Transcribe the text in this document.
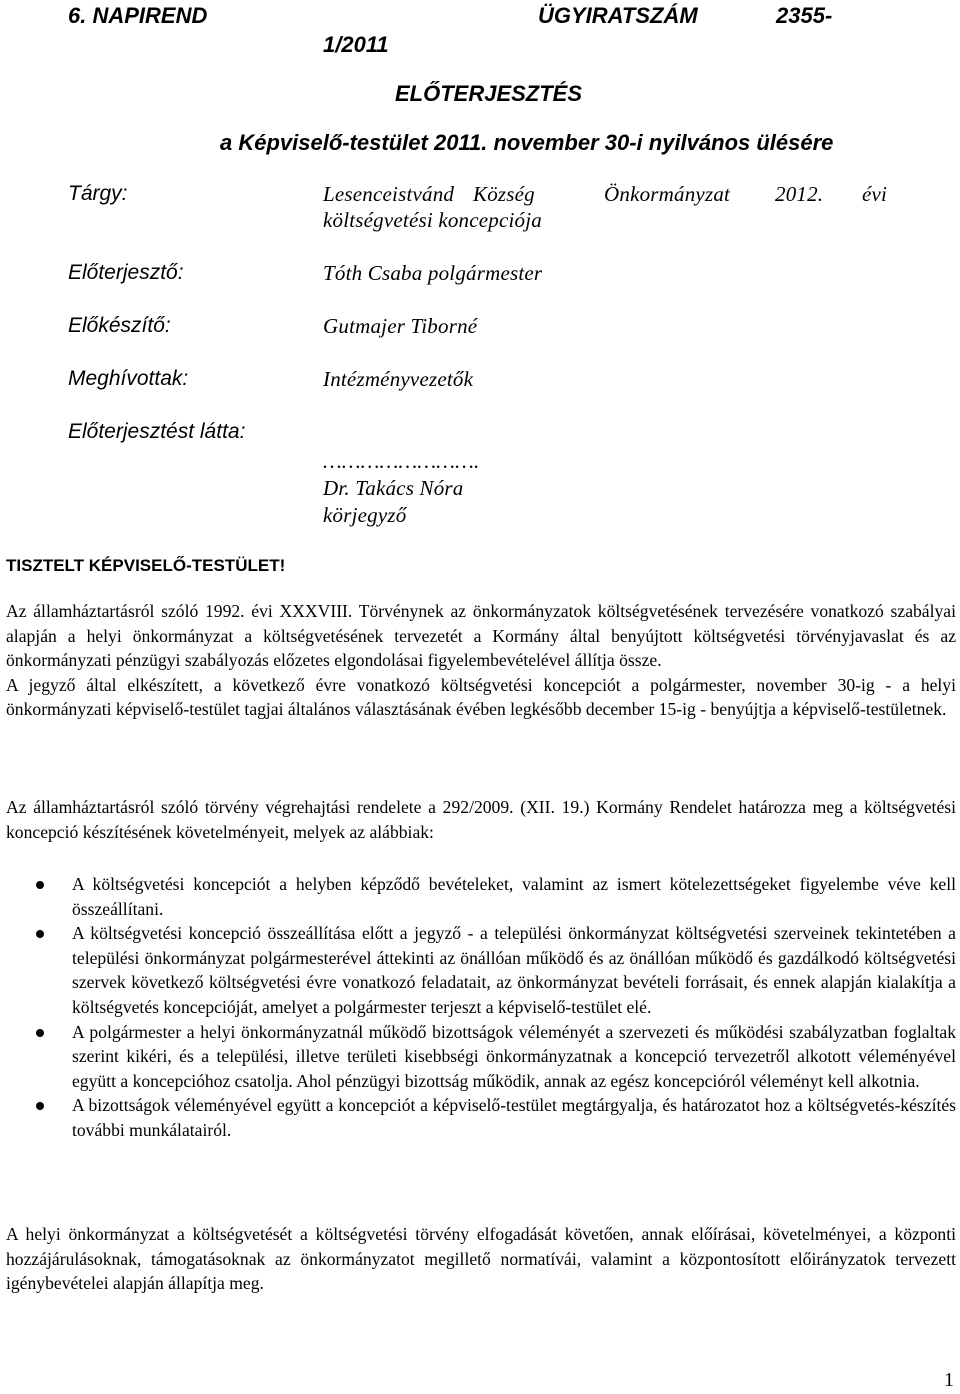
6. NAPIREND	ÜGYIRATSZÁM	2355-
1/2011
ELŐTERJESZTÉS
a Képviselő-testület 2011. november 30-i nyilvános ülésére
Tárgy:	Lesenceistvánd Község	Önkormányzat 2012. évi
költségvetési koncepciója
Előterjesztő:	Tóth Csaba polgármester
Előkészítő:	Gutmajer Tiborné
Meghívottak:	Intézményvezetők
Előterjesztést látta:
…………………….
Dr. Takács Nóra
körjegyző
TISZTELT KÉPVISELŐ-TESTÜLET!

Az államháztartásról szóló 1992. évi XXXVIII. Törvénynek az önkormányzatok költségvetésének tervezésére vonatkozó szabályai alapján a helyi önkormányzat a költségvetésének tervezetét a Kormány által benyújtott költségvetési törvényjavaslat és az önkormányzati pénzügyi szabályozás előzetes elgondolásai figyelembevételével állítja össze.

A jegyző által elkészített, a következő évre vonatkozó költségvetési koncepciót a polgármester, november 30-ig - a helyi önkormányzati képviselő-testület tagjai általános választásának évében legkésőbb december 15-ig - benyújtja a képviselő-testületnek.

Az államháztartásról szóló törvény végrehajtási rendelete a 292/2009. (XII. 19.) Kormány Rendelet határozza meg a költségvetési koncepció készítésének követelményeit, melyek az alábbiak:

A költségvetési koncepciót a helyben képződő bevételeket, valamint az ismert kötelezettségeket figyelembe véve kell összeállítani.
A költségvetési koncepció összeállítása előtt a jegyző - a települési önkormányzat költségvetési szerveinek tekintetében a települési önkormányzat polgármesterével áttekinti az önállóan működő és az önállóan működő és gazdálkodó költségvetési szervek következő költségvetési évre vonatkozó feladatait, az önkormányzat bevételi forrásait, és ennek alapján kialakítja a költségvetés koncepcióját, amelyet a polgármester terjeszt a képviselő-testület elé.
A polgármester a helyi önkormányzatnál működő bizottságok véleményét a szervezeti és működési szabályzatban foglaltak szerint kikéri, és a települési, illetve területi kisebbségi önkormányzatnak a koncepció tervezetről alkotott véleményével együtt a koncepcióhoz csatolja. Ahol pénzügyi bizottság működik, annak az egész koncepcióról véleményt kell alkotnia.
A bizottságok véleményével együtt a koncepciót a képviselő-testület megtárgyalja, és határozatot hoz a költségvetés-készítés további munkálatairól.

A helyi önkormányzat a költségvetését a költségvetési törvény elfogadását követően, annak előírásai, követelményei, a központi hozzájárulásoknak, támogatásoknak az önkormányzatot megillető normatívái, valamint a központosított előirányzatok tervezett igénybevételei alapján állapítja meg.

1
